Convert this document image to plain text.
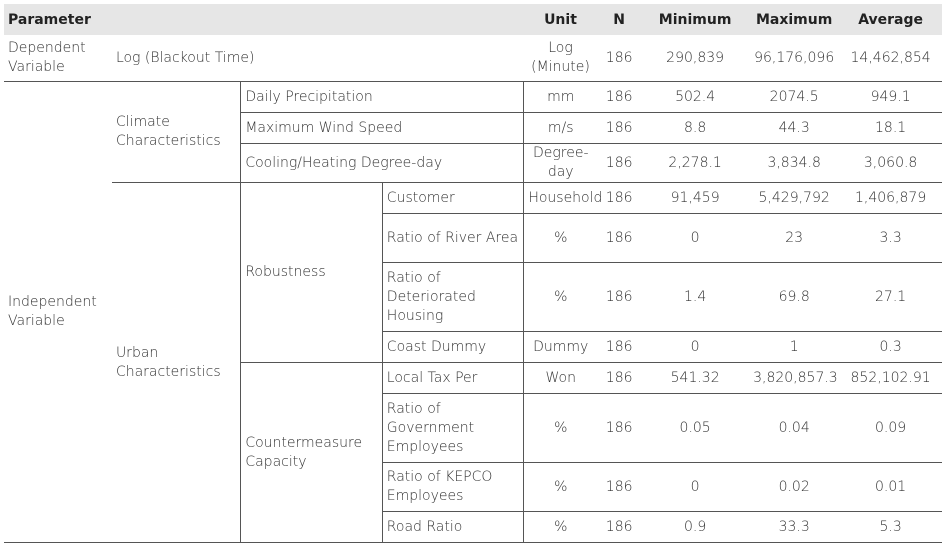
Parameter				Unit	N	Minimum	Maximum	Average
Dependent Variable	Log (Blackout Time)			Log (Minute)	186	290,839	96,176,096	14,462,854
Independent Variable	Climate Characteristics	Daily Precipitation		mm	186	502.4	2074.5	949.1
		Maximum Wind Speed		m/s	186	8.8	44.3	18.1
		Cooling/Heating Degree-day		Degree-day	186	2,278.1	3,834.8	3,060.8
	Urban Characteristics	Robustness	Customer	Household	186	91,459	5,429,792	1,406,879
			Ratio of River Area	%	186	0	23	3.3
			Ratio of Deteriorated Housing	%	186	1.4	69.8	27.1
			Coast Dummy	Dummy	186	0	1	0.3
		Countermeasure Capacity	Local Tax Per	Won	186	541.32	3,820,857.3	852,102.91
			Ratio of Government Employees	%	186	0.05	0.04	0.09
			Ratio of KEPCO Employees	%	186	0	0.02	0.01
			Road Ratio	%	186	0.9	33.3	5.3
